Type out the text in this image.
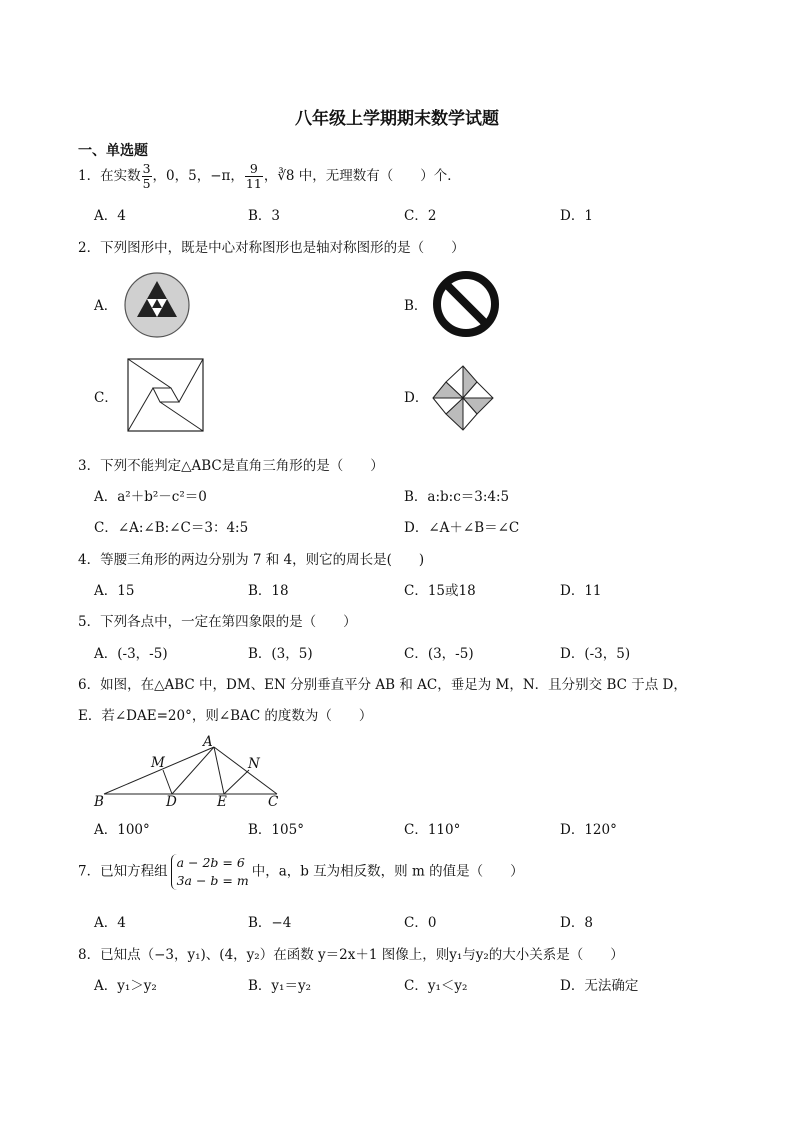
八年级上学期期末数学试题
一、单选题
1．在实数 $\frac{3}{5}$ ，0，5，−π， $\frac{9}{11}$ ，∛8 中，无理数有（　　）个．
A．4	B．3	C．2	D．1
2．下列图形中，既是中心对称图形也是轴对称图形的是（　　）
A．	B．
C．	D．
3．下列不能判定△ABC是直角三角形的是（　　）
A．a²＋b²－c²＝0	B．a:b:c＝3:4:5
C．∠A:∠B:∠C＝3：4:5	D．∠A＋∠B＝∠C
4．等腰三角形的两边分别为 7 和 4，则它的周长是(　　)
A．15	B．18	C．15或18	D．11
5．下列各点中，一定在第四象限的是（　　）
A．(-3，-5)	B．(3，5)	C．(3，-5)	D．(-3，5)
6．如图，在△ABC 中，DM、EN 分别垂直平分 AB 和 AC，垂足为 M，N．且分别交 BC 于点 D，
E．若∠DAE=20°，则∠BAC 的度数为（　　）
A
M	N
B	D	E	C
A．100°	B．105°	C．110°	D．120°
7．已知方程组
a − 2b = 6
3a − b = m
中，a，b 互为相反数，则 m 的值是（　　）
A．4	B．−4	C．0	D．8
8．已知点（−3，y₁)、(4，y₂）在函数 y＝2x＋1 图像上，则y₁与y₂的大小关系是（　　）
A．y₁＞y₂	B．y₁＝y₂	C．y₁＜y₂	D．无法确定
